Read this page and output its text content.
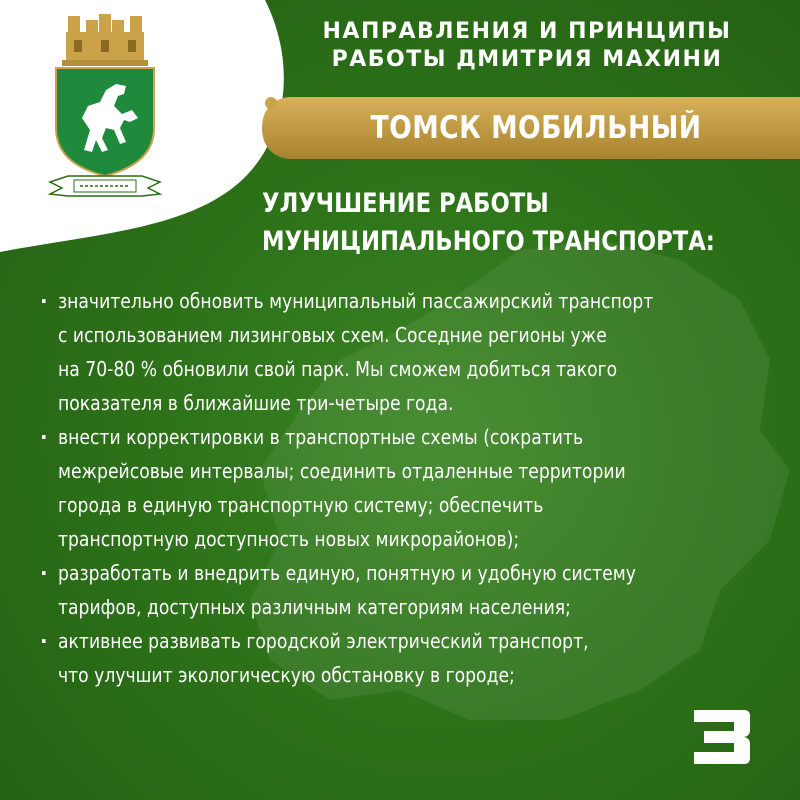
НАПРАВЛЕНИЯ И ПРИНЦИПЫ
РАБОТЫ ДМИТРИЯ МАХИНИ
ТОМСК МОБИЛЬНЫЙ
УЛУЧШЕНИЕ РАБОТЫ
МУНИЦИПАЛЬНОГО ТРАНСПОРТА:
· значительно обновить муниципальный пассажирский транспорт
с использованием лизинговых схем. Соседние регионы уже
на 70-80 % обновили свой парк. Мы сможем добиться такого
показателя в ближайшие три-четыре года.
· внести корректировки в транспортные схемы (сократить
межрейсовые интервалы; соединить отдаленные территории
города в единую транспортную систему; обеспечить
транспортную доступность новых микрорайонов);
· разработать и внедрить единую, понятную и удобную систему
тарифов, доступных различным категориям населения;
· активнее развивать городской электрический транспорт,
что улучшит экологическую обстановку в городе;
